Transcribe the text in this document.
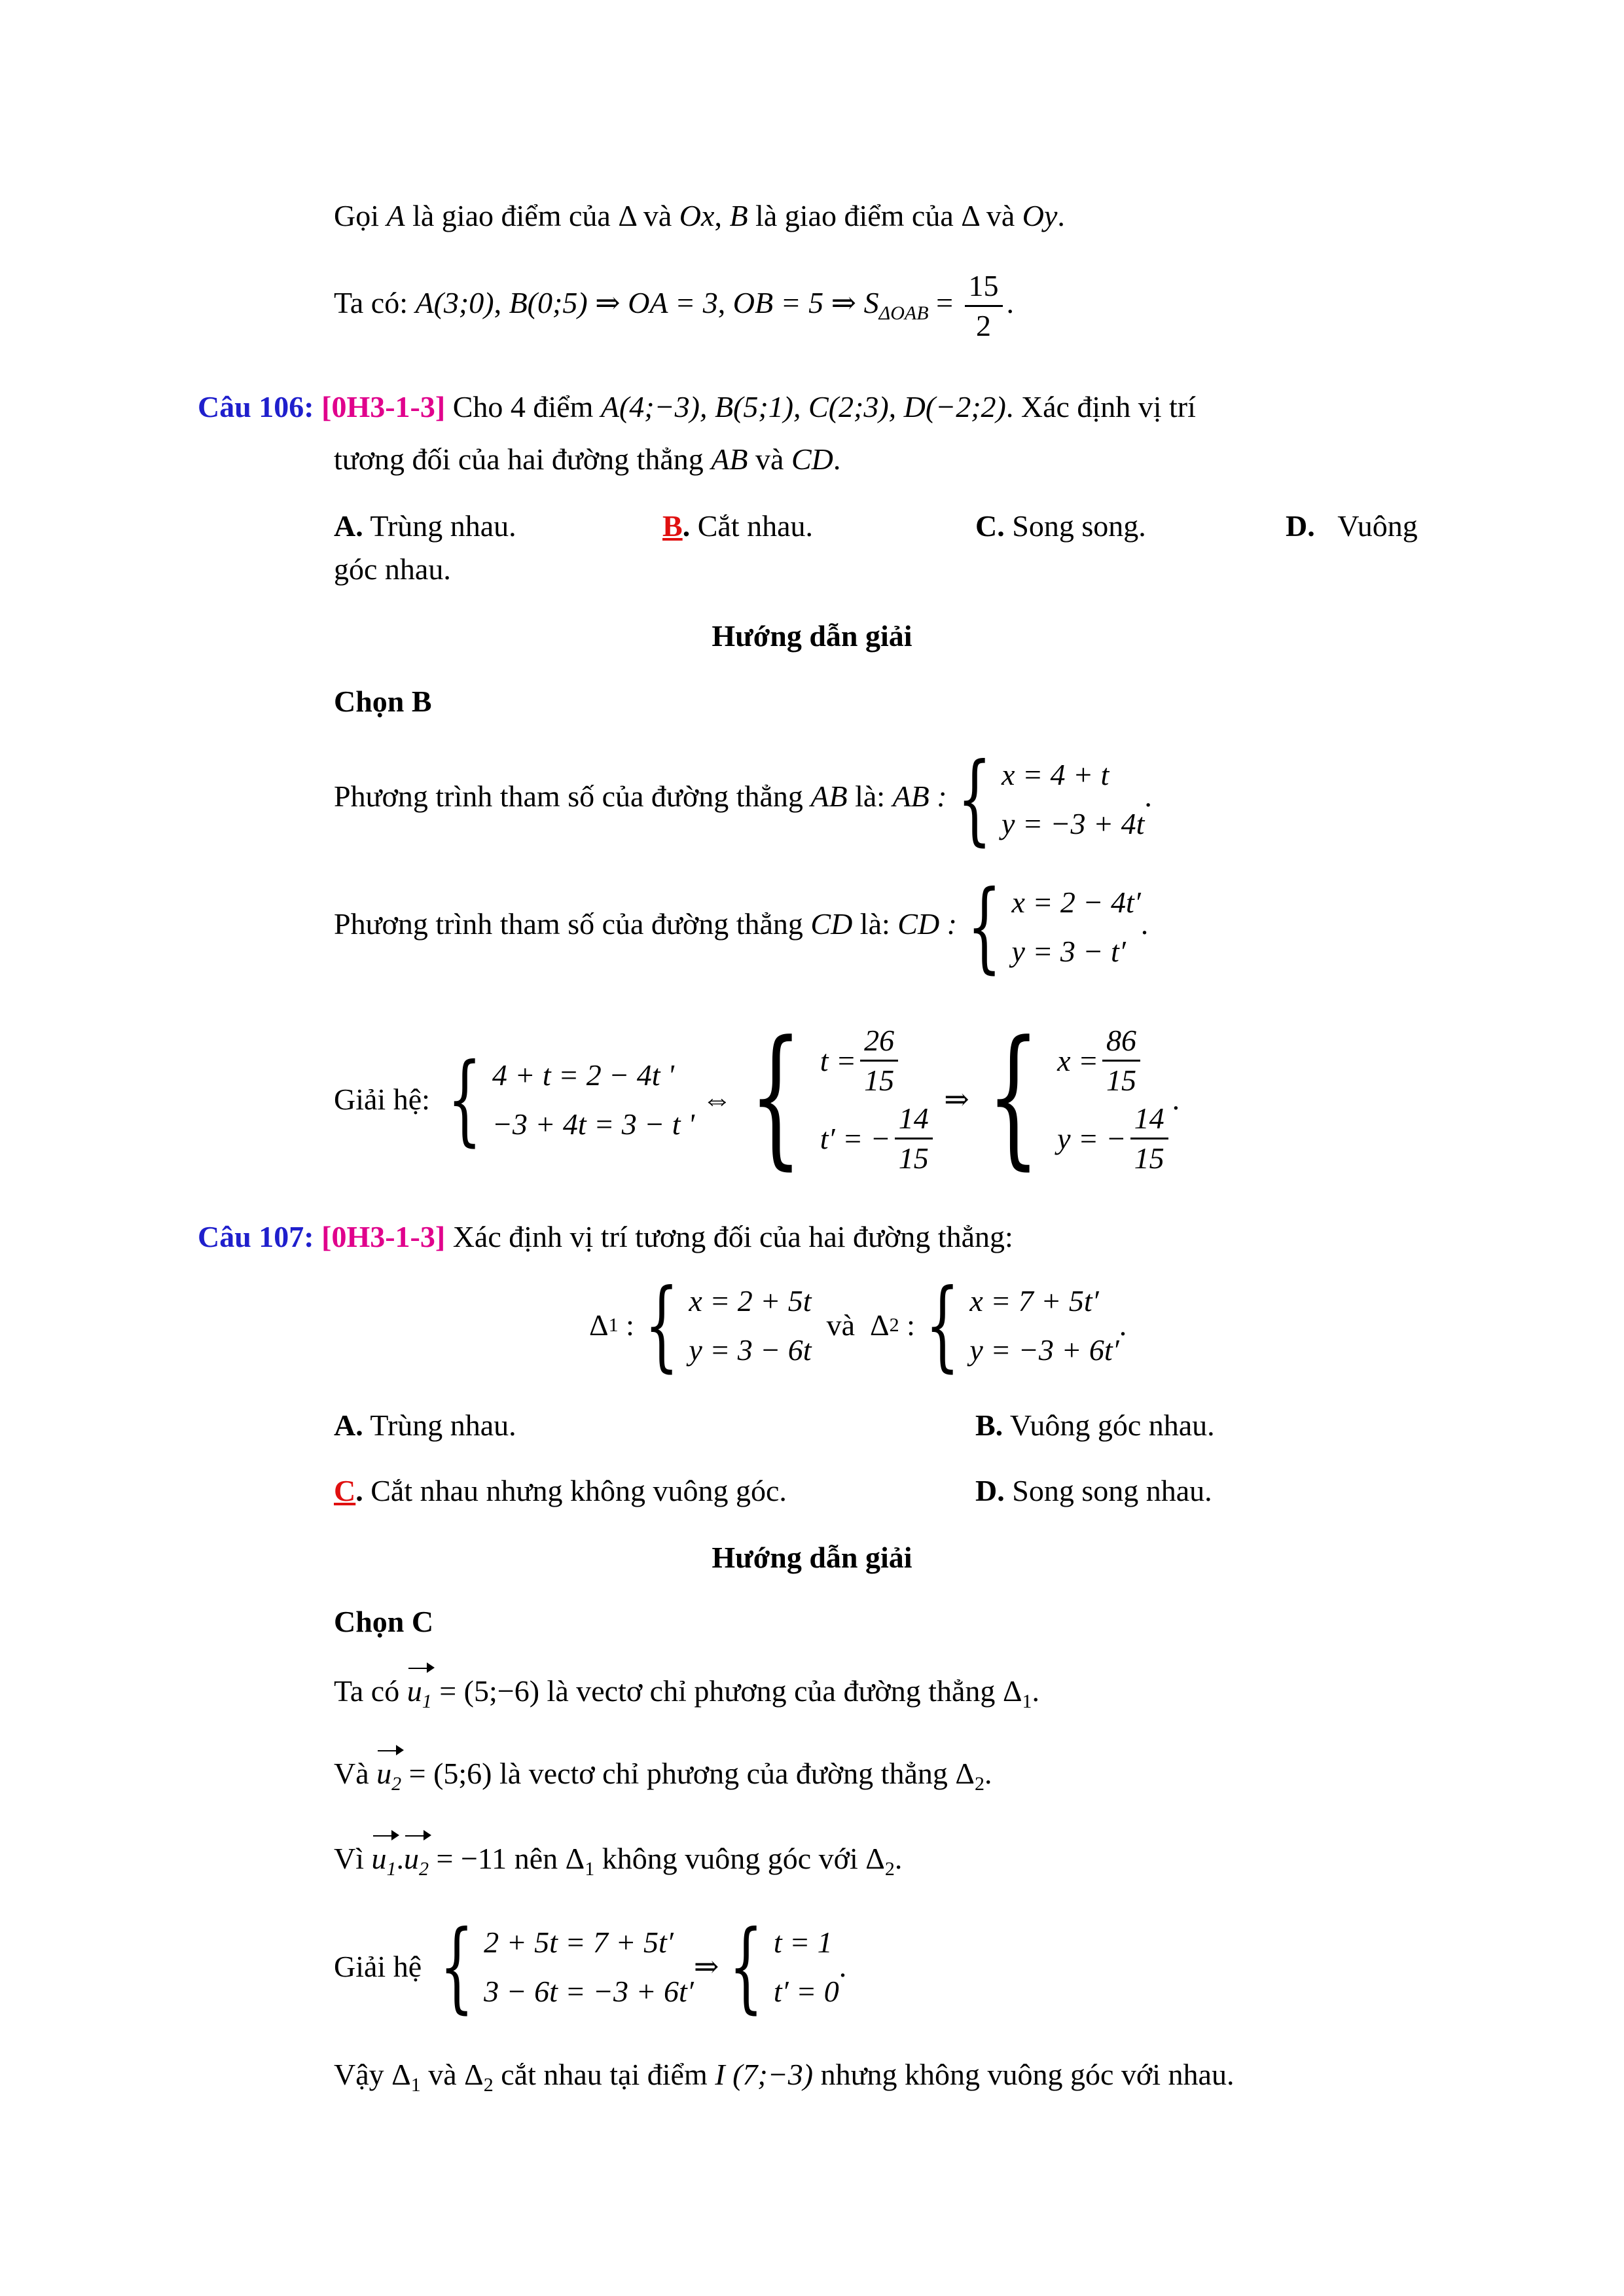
Gọi A là giao điểm của Δ và Ox, B là giao điểm của Δ và Oy.
Ta có: A(3;0), B(0;5) ⇒ OA = 3, OB = 5 ⇒ $S_{\Delta OAB} = \frac{15}{2}$ .
Câu 106: [0H3-1-3] Cho 4 điểm A(4;−3), B(5;1), C(2;3), D(−2;2). Xác định vị trí
tương đối của hai đường thẳng AB và CD.
A. Trùng nhau.	B. Cắt nhau.	C. Song song.	D. Vuông
góc nhau.
Hướng dẫn giải
Chọn B
Phương trình tham số của đường thẳng AB là: AB : { x = 4 + t
y = −3 + 4t
.
Phương trình tham số của đường thẳng CD là: CD : { x = 2 − 4t′
y = 3 − t′
.
Giải hệ:
{ 4 + t = 2 − 4t '
−3 + 4t = 3 − t '

⇔ { $t = \frac{26}{15}$
t′ = − $\frac{14}{15}$

⇒ { $x = \frac{86}{15}$
y = − $\frac{14}{15}$
.
Câu 107: [0H3-1-3] Xác định vị trí tương đối của hai đường thẳng:
Δ 1 : { x = 2 + 5t
y = 3 − 6t

và
Δ 2 : { x = 7 + 5t′
y = −3 + 6t′
.
A. Trùng nhau.	B. Vuông góc nhau.
C. Cắt nhau nhưng không vuông góc.	D. Song song nhau.
Hướng dẫn giải
Chọn C
Ta có $u_1$ = (5;−6) là vectơ chỉ phương của đường thẳng $\Delta_1$.
Và $u_2$ = (5;6) là vectơ chỉ phương của đường thẳng $\Delta_2$.
Vì $u_1.u_2 = -11$ nên $\Delta_1$ không vuông góc với $\Delta_2$.
Giải hệ
{ 2 + 5t = 7 + 5t′
3 − 6t = −3 + 6t′
⇒ { t = 1
t′ = 0
.
Vậy $\Delta_1$ và $\Delta_2$ cắt nhau tại điểm I (7;−3) nhưng không vuông góc với nhau.
